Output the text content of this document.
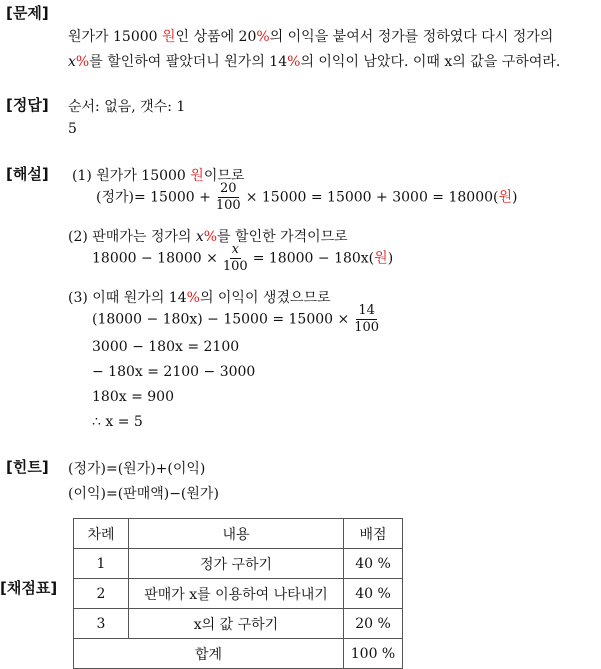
[문제]
원가가 15000 원인 상품에 20%의 이익을 붙여서 정가를 정하였다 다시 정가의
x%를 할인하여 팔았더니 원가의 14%의 이익이 남았다. 이때 x의 값을 구하여라.
[정답] 순서: 없음, 갯수: 1
5
[해설] (1) 원가가 15000 원이므로
(정가)= $15000 + \frac{20}{100} \times 15000 = 15000 + 3000 = 18000$(원)
(2) 판매가는 정가의 x%를 할인한 가격이므로
$18000 - 18000 \times \frac{x}{100} = 18000 - 180x$(원)
(3) 이때 원가의 14%의 이익이 생겼으므로
$(18000 - 180x) - 15000 = 15000 \times \frac{14}{100}$
3000 − 180x = 2100
− 180x = 2100 − 3000
180x = 900
∴ x = 5
[힌트] (정가)=(원가)+(이익)
(이익)=(판매액)−(원가)
[채점표]
차례	내용	배점
1	정가 구하기	40 %
2	판매가 x를 이용하여 나타내기	40 %
3	x의 값 구하기	20 %
합계		100 %
